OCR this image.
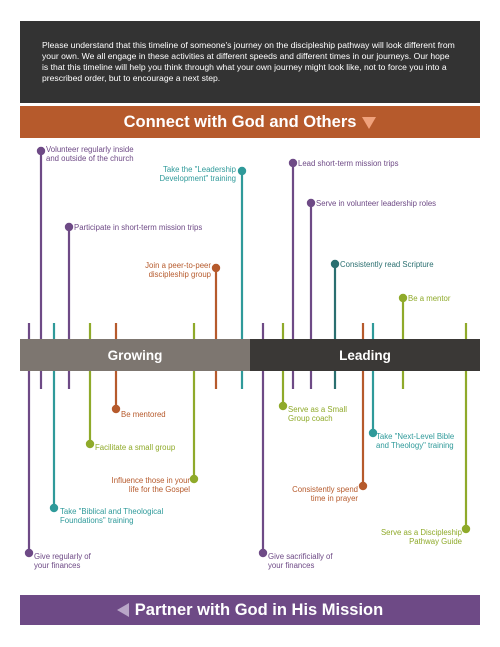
Please understand that this timeline of someone's journey on the discipleship pathway will look different from your own. We all engage in these activities at different speeds and different times in our journeys. Our hope is that this timeline will help you think through what your own journey might look like, not to force you into a prescribed order, but to encourage a next step.
Connect with God and Others
Growing	Leading
Volunteer regularly inside
and outside of the church
Take the "Leadership
Development" training
Lead short-term mission trips
Serve in volunteer leadership roles
Participate in short-term mission trips
Consistently read Scripture
Join a peer-to-peer
discipleship group
Be a mentor
Be mentored
Serve as a Small
Group coach
Take "Next-Level Bible
and Theology" training
Facilitate a small group
Influence those in your
life for the Gospel	Consistently spend
time in prayer
Take "Biblical and Theological
Foundations" training
Serve as a Discipleship
Pathway Guide
Give regularly of
your finances
Give sacrificially of
your finances
Partner with God in His Mission
